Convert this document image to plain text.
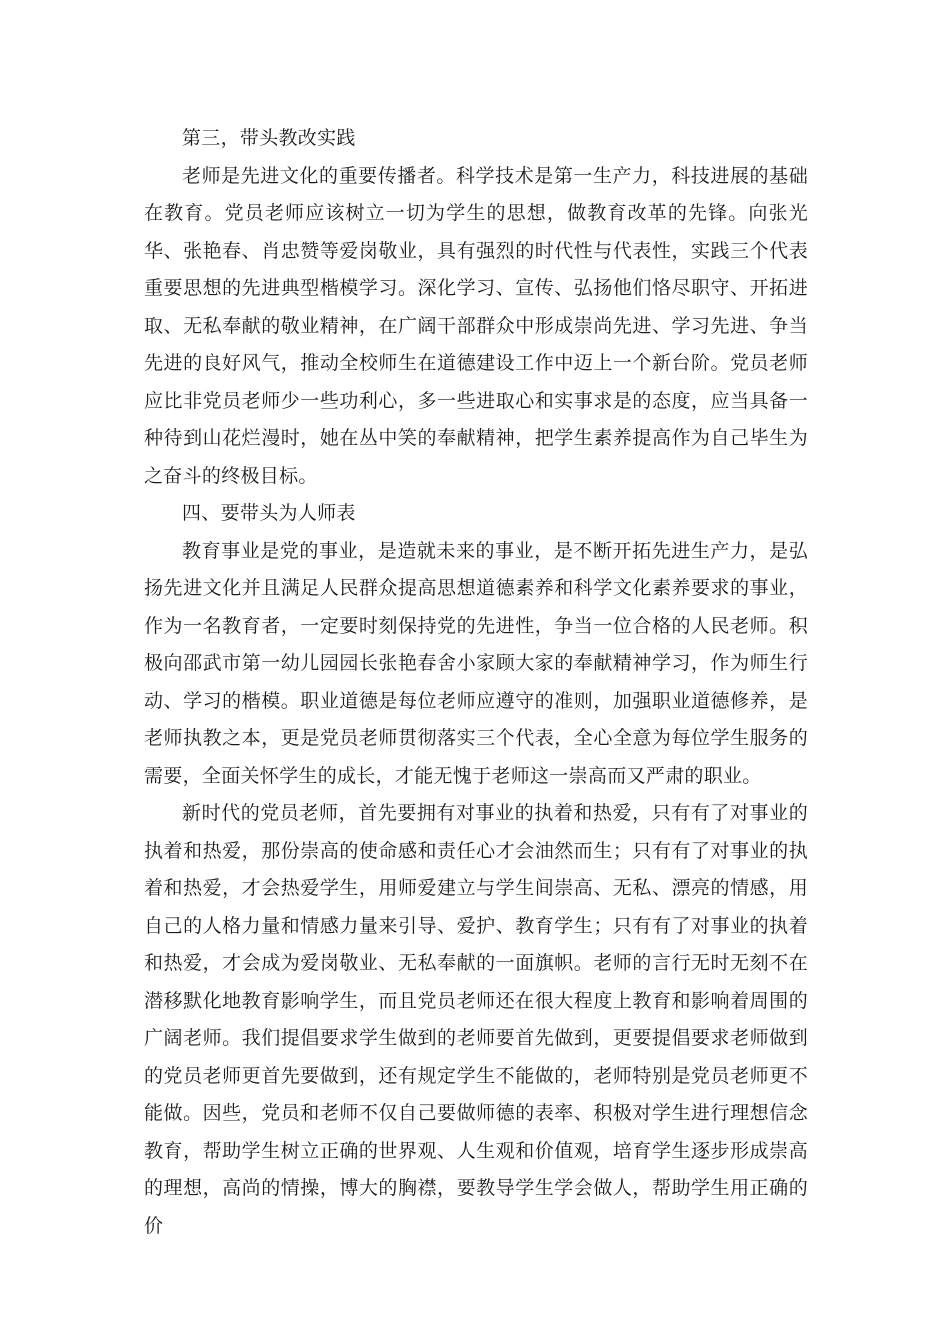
第三，带头教改实践

老师是先进文化的重要传播者。科学技术是第一生产力，科技进展的基础在教育。党员老师应该树立一切为学生的思想，做教育改革的先锋。向张光华、张艳春、肖忠赞等爱岗敬业，具有强烈的时代性与代表性，实践三个代表重要思想的先进典型楷模学习。深化学习、宣传、弘扬他们恪尽职守、开拓进取、无私奉献的敬业精神，在广阔干部群众中形成崇尚先进、学习先进、争当先进的良好风气，推动全校师生在道德建设工作中迈上一个新台阶。党员老师应比非党员老师少一些功利心，多一些进取心和实事求是的态度，应当具备一种待到山花烂漫时，她在丛中笑的奉献精神，把学生素养提高作为自己毕生为之奋斗的终极目标。

四、要带头为人师表

教育事业是党的事业，是造就未来的事业，是不断开拓先进生产力，是弘扬先进文化并且满足人民群众提高思想道德素养和科学文化素养要求的事业，作为一名教育者，一定要时刻保持党的先进性，争当一位合格的人民老师。积极向邵武市第一幼儿园园长张艳春舍小家顾大家的奉献精神学习，作为师生行动、学习的楷模。职业道德是每位老师应遵守的准则，加强职业道德修养，是老师执教之本，更是党员老师贯彻落实三个代表，全心全意为每位学生服务的需要，全面关怀学生的成长，才能无愧于老师这一崇高而又严肃的职业。

新时代的党员老师，首先要拥有对事业的执着和热爱，只有有了对事业的执着和热爱，那份崇高的使命感和责任心才会油然而生；只有有了对事业的执着和热爱，才会热爱学生，用师爱建立与学生间崇高、无私、漂亮的情感，用自己的人格力量和情感力量来引导、爱护、教育学生；只有有了对事业的执着和热爱，才会成为爱岗敬业、无私奉献的一面旗帜。老师的言行无时无刻不在潜移默化地教育影响学生，而且党员老师还在很大程度上教育和影响着周围的广阔老师。我们提倡要求学生做到的老师要首先做到，更要提倡要求老师做到的党员老师更首先要做到，还有规定学生不能做的，老师特别是党员老师更不能做。因些，党员和老师不仅自己要做师德的表率、积极对学生进行理想信念教育，帮助学生树立正确的世界观、人生观和价值观，培育学生逐步形成崇高的理想，高尚的情操，博大的胸襟，要教导学生学会做人，帮助学生用正确的价
